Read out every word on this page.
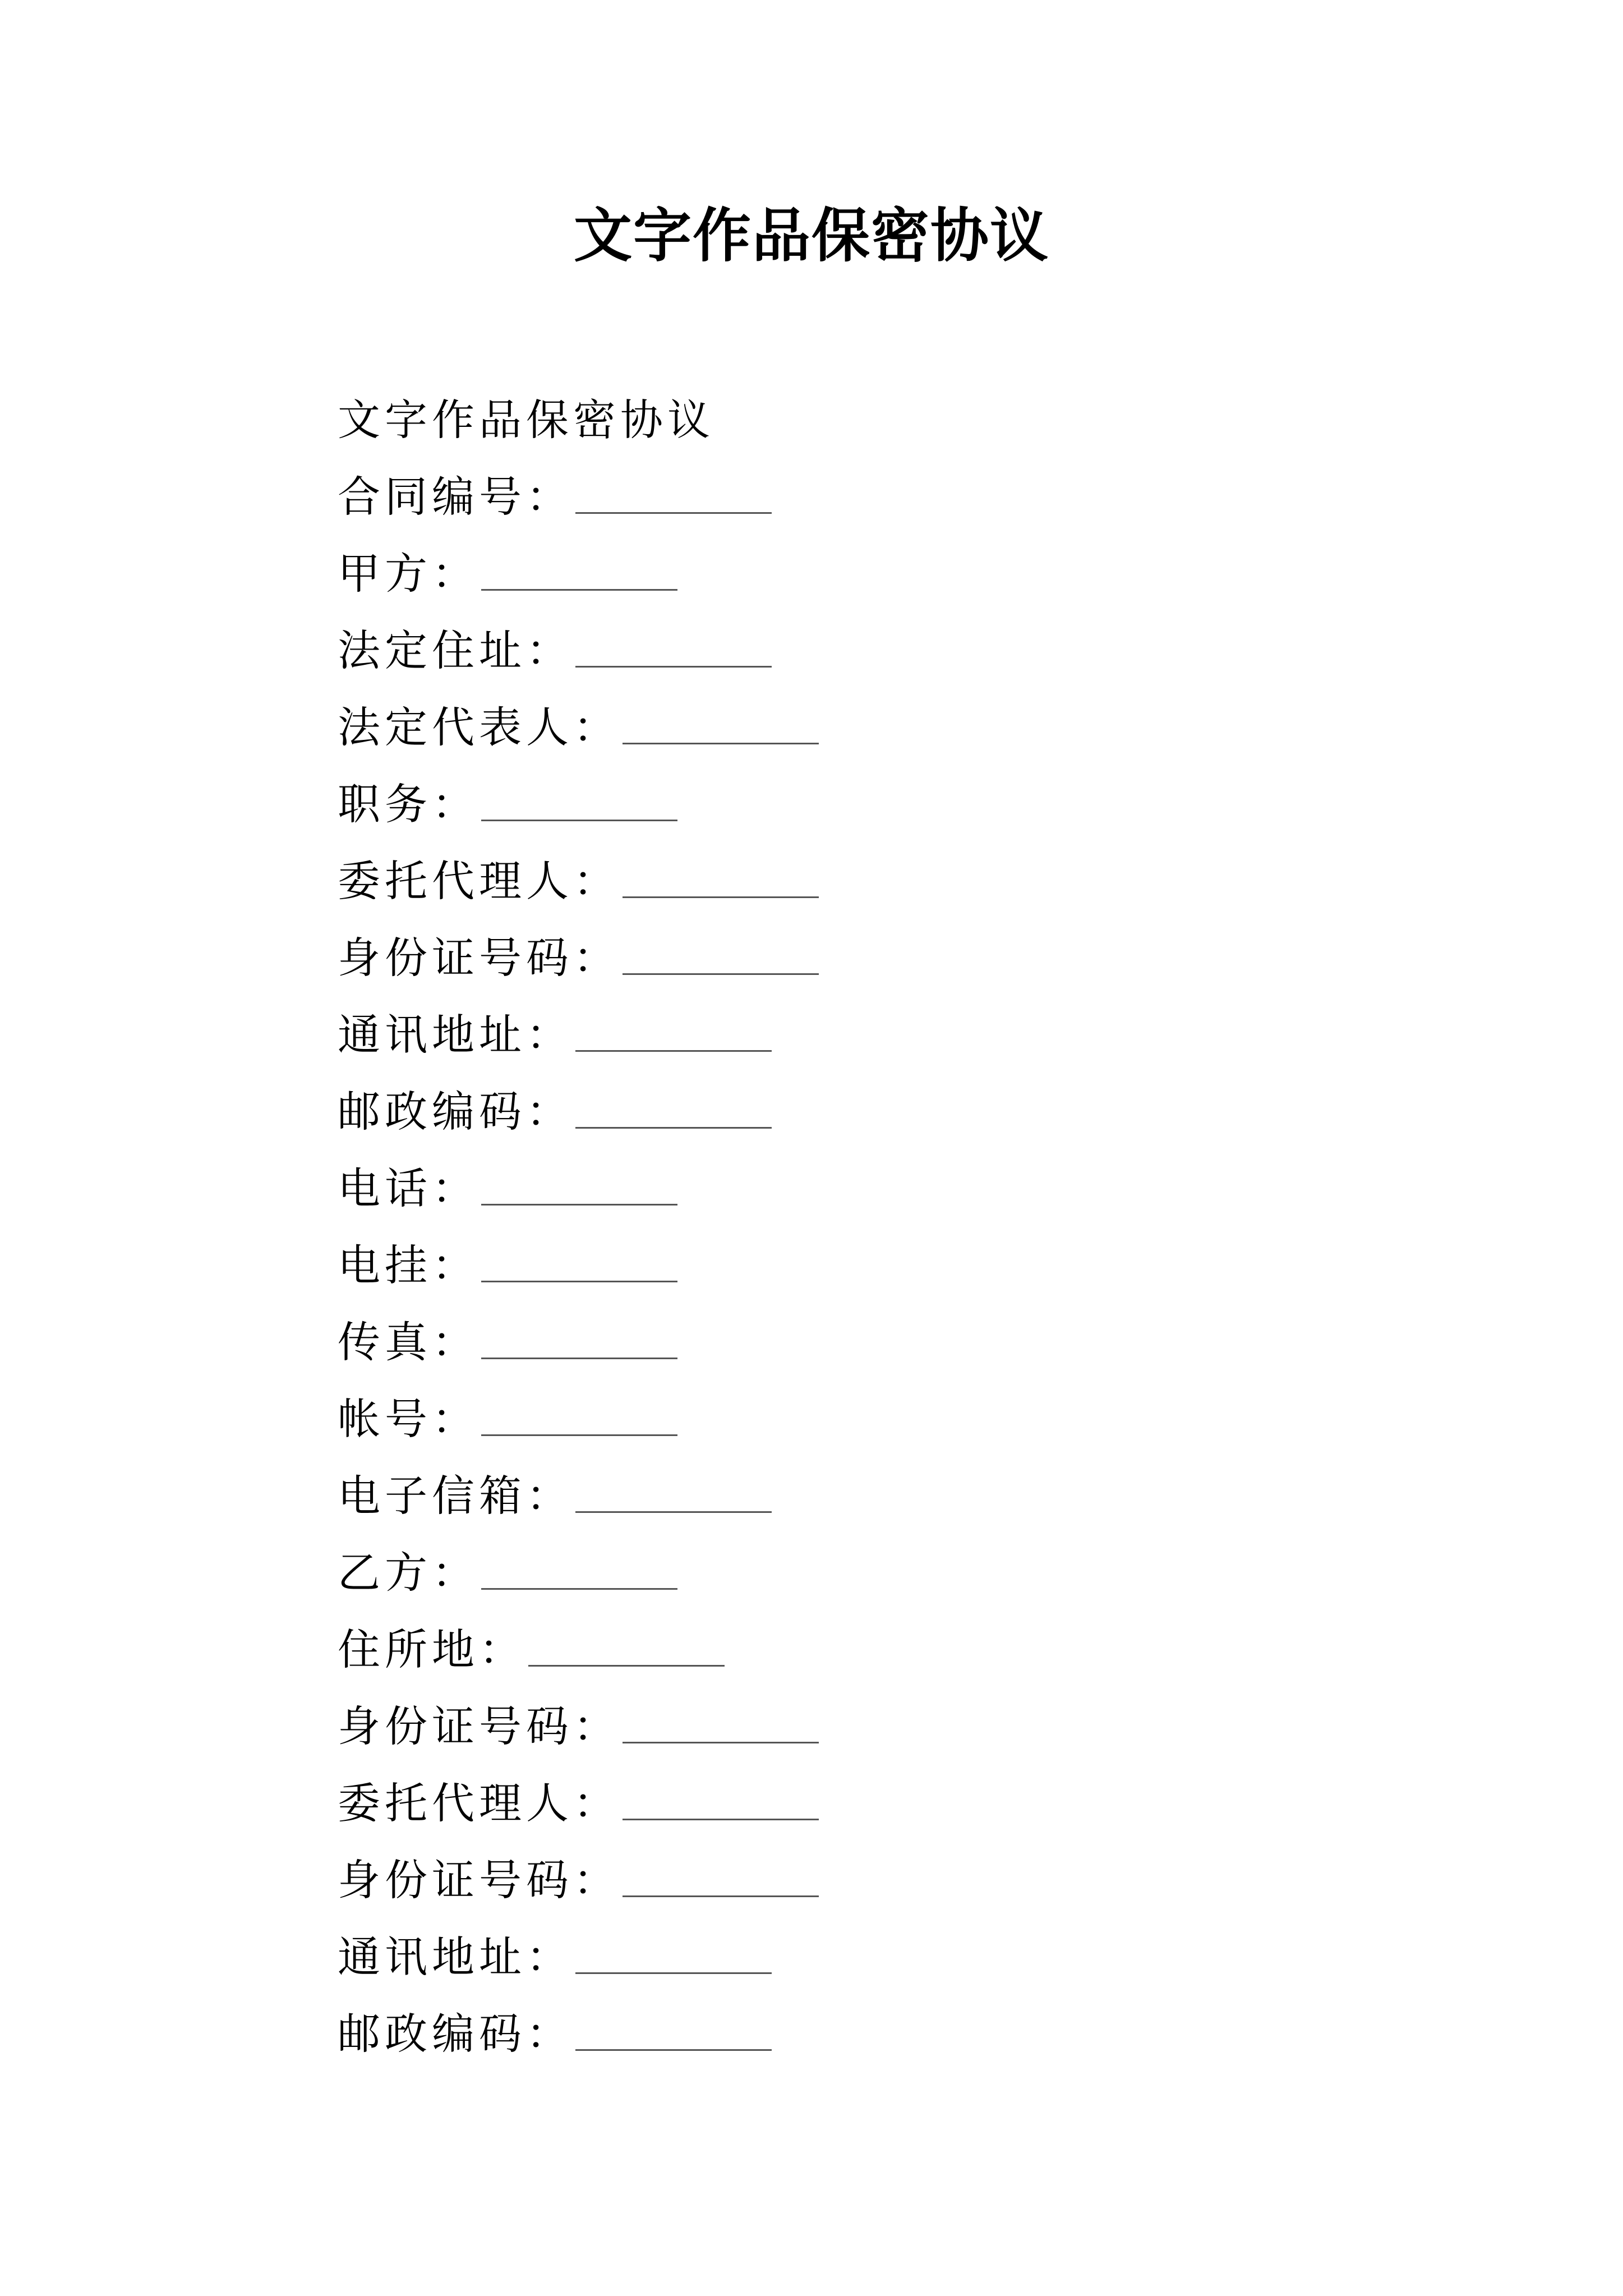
文字作品保密协议
文字作品保密协议
合同编号：
甲方：
法定住址：
法定代表人：
职务：
委托代理人：
身份证号码：
通讯地址：
邮政编码：
电话：
电挂：
传真：
帐号：
电子信箱：
乙方：
住所地：
身份证号码：
委托代理人：
身份证号码：
通讯地址：
邮政编码：
